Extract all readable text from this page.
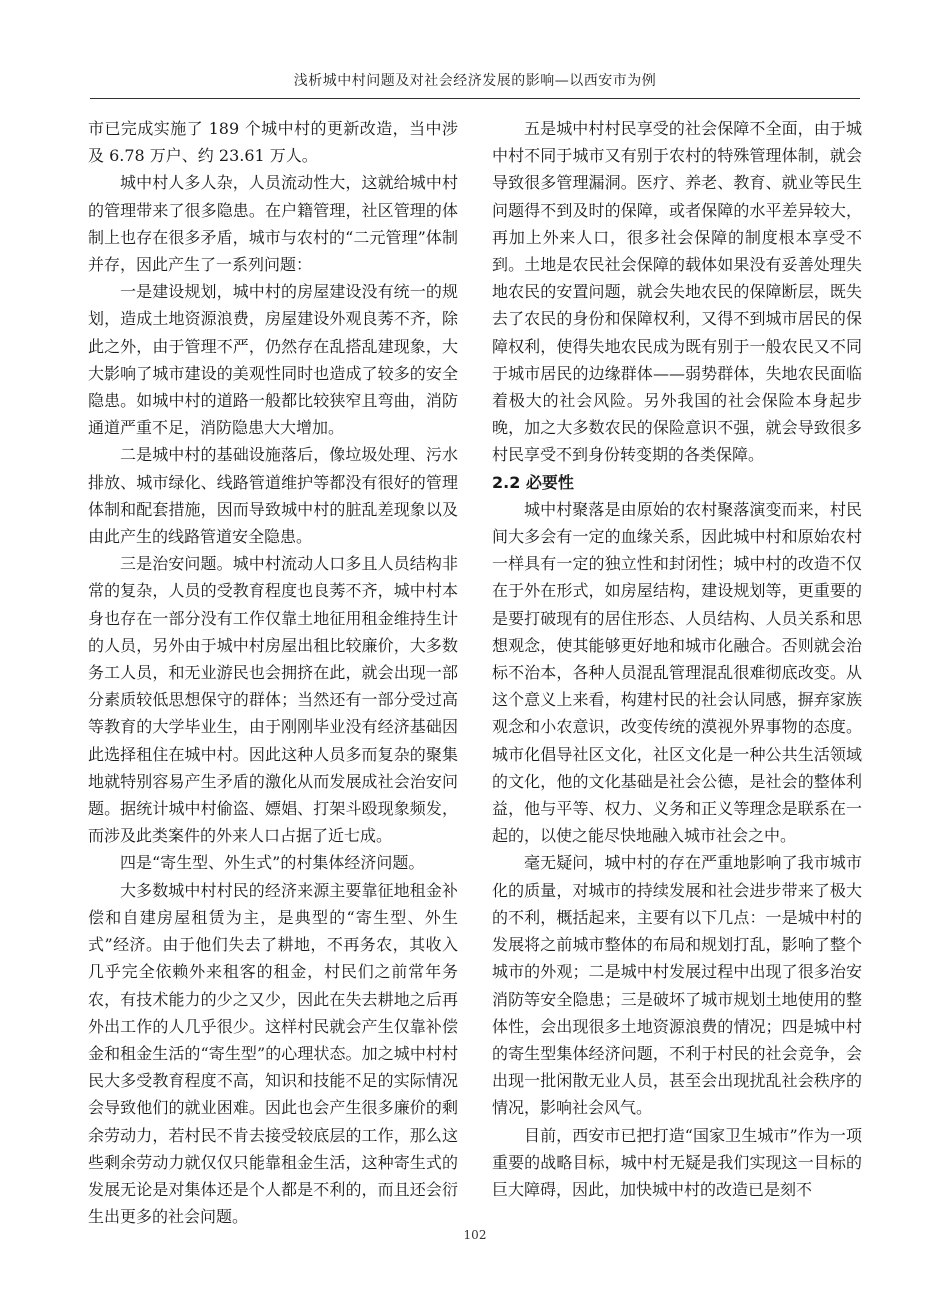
浅析城中村问题及对社会经济发展的影响—以西安市为例

市已完成实施了 189 个城中村的更新改造，当中涉及 6.78 万户、约 23.61 万人。

城中村人多人杂，人员流动性大，这就给城中村的管理带来了很多隐患。在户籍管理，社区管理的体制上也存在很多矛盾，城市与农村的“二元管理”体制并存，因此产生了一系列问题：

一是建设规划，城中村的房屋建设没有统一的规划，造成土地资源浪费，房屋建设外观良莠不齐，除此之外，由于管理不严，仍然存在乱搭乱建现象，大大影响了城市建设的美观性同时也造成了较多的安全隐患。如城中村的道路一般都比较狭窄且弯曲，消防通道严重不足，消防隐患大大增加。

二是城中村的基础设施落后，像垃圾处理、污水排放、城市绿化、线路管道维护等都没有很好的管理体制和配套措施，因而导致城中村的脏乱差现象以及由此产生的线路管道安全隐患。

三是治安问题。城中村流动人口多且人员结构非常的复杂，人员的受教育程度也良莠不齐，城中村本身也存在一部分没有工作仅靠土地征用租金维持生计的人员，另外由于城中村房屋出租比较廉价，大多数务工人员，和无业游民也会拥挤在此，就会出现一部分素质较低思想保守的群体；当然还有一部分受过高等教育的大学毕业生，由于刚刚毕业没有经济基础因此选择租住在城中村。因此这种人员多而复杂的聚集地就特别容易产生矛盾的激化从而发展成社会治安问题。据统计城中村偷盗、嫖娼、打架斗殴现象频发，而涉及此类案件的外来人口占据了近七成。

四是“寄生型、外生式”的村集体经济问题。

大多数城中村村民的经济来源主要靠征地租金补偿和自建房屋租赁为主，是典型的“寄生型、外生式”经济。由于他们失去了耕地，不再务农，其收入几乎完全依赖外来租客的租金，村民们之前常年务农，有技术能力的少之又少，因此在失去耕地之后再外出工作的人几乎很少。这样村民就会产生仅靠补偿金和租金生活的“寄生型”的心理状态。加之城中村村民大多受教育程度不高，知识和技能不足的实际情况会导致他们的就业困难。因此也会产生很多廉价的剩余劳动力，若村民不肯去接受较底层的工作，那么这些剩余劳动力就仅仅只能靠租金生活，这种寄生式的发展无论是对集体还是个人都是不利的，而且还会衍生出更多的社会问题。

五是城中村村民享受的社会保障不全面，由于城中村不同于城市又有别于农村的特殊管理体制，就会导致很多管理漏洞。医疗、养老、教育、就业等民生问题得不到及时的保障，或者保障的水平差异较大，再加上外来人口，很多社会保障的制度根本享受不到。土地是农民社会保障的载体如果没有妥善处理失地农民的安置问题，就会失地农民的保障断层，既失去了农民的身份和保障权利，又得不到城市居民的保障权利，使得失地农民成为既有别于一般农民又不同于城市居民的边缘群体——弱势群体，失地农民面临着极大的社会风险。另外我国的社会保险本身起步晚，加之大多数农民的保险意识不强，就会导致很多村民享受不到身份转变期的各类保障。

2.2 必要性

城中村聚落是由原始的农村聚落演变而来，村民间大多会有一定的血缘关系，因此城中村和原始农村一样具有一定的独立性和封闭性；城中村的改造不仅在于外在形式，如房屋结构，建设规划等，更重要的是要打破现有的居住形态、人员结构、人员关系和思想观念，使其能够更好地和城市化融合。否则就会治标不治本，各种人员混乱管理混乱很难彻底改变。从这个意义上来看，构建村民的社会认同感，摒弃家族观念和小农意识，改变传统的漠视外界事物的态度。城市化倡导社区文化，社区文化是一种公共生活领域的文化，他的文化基础是社会公德，是社会的整体利益，他与平等、权力、义务和正义等理念是联系在一起的，以使之能尽快地融入城市社会之中。

毫无疑问，城中村的存在严重地影响了我市城市化的质量，对城市的持续发展和社会进步带来了极大的不利，概括起来，主要有以下几点：一是城中村的发展将之前城市整体的布局和规划打乱，影响了整个城市的外观；二是城中村发展过程中出现了很多治安消防等安全隐患；三是破坏了城市规划土地使用的整体性，会出现很多土地资源浪费的情况；四是城中村的寄生型集体经济问题，不利于村民的社会竞争，会出现一批闲散无业人员，甚至会出现扰乱社会秩序的情况，影响社会风气。

目前，西安市已把打造“国家卫生城市”作为一项重要的战略目标，城中村无疑是我们实现这一目标的巨大障碍，因此，加快城中村的改造已是刻不

102
